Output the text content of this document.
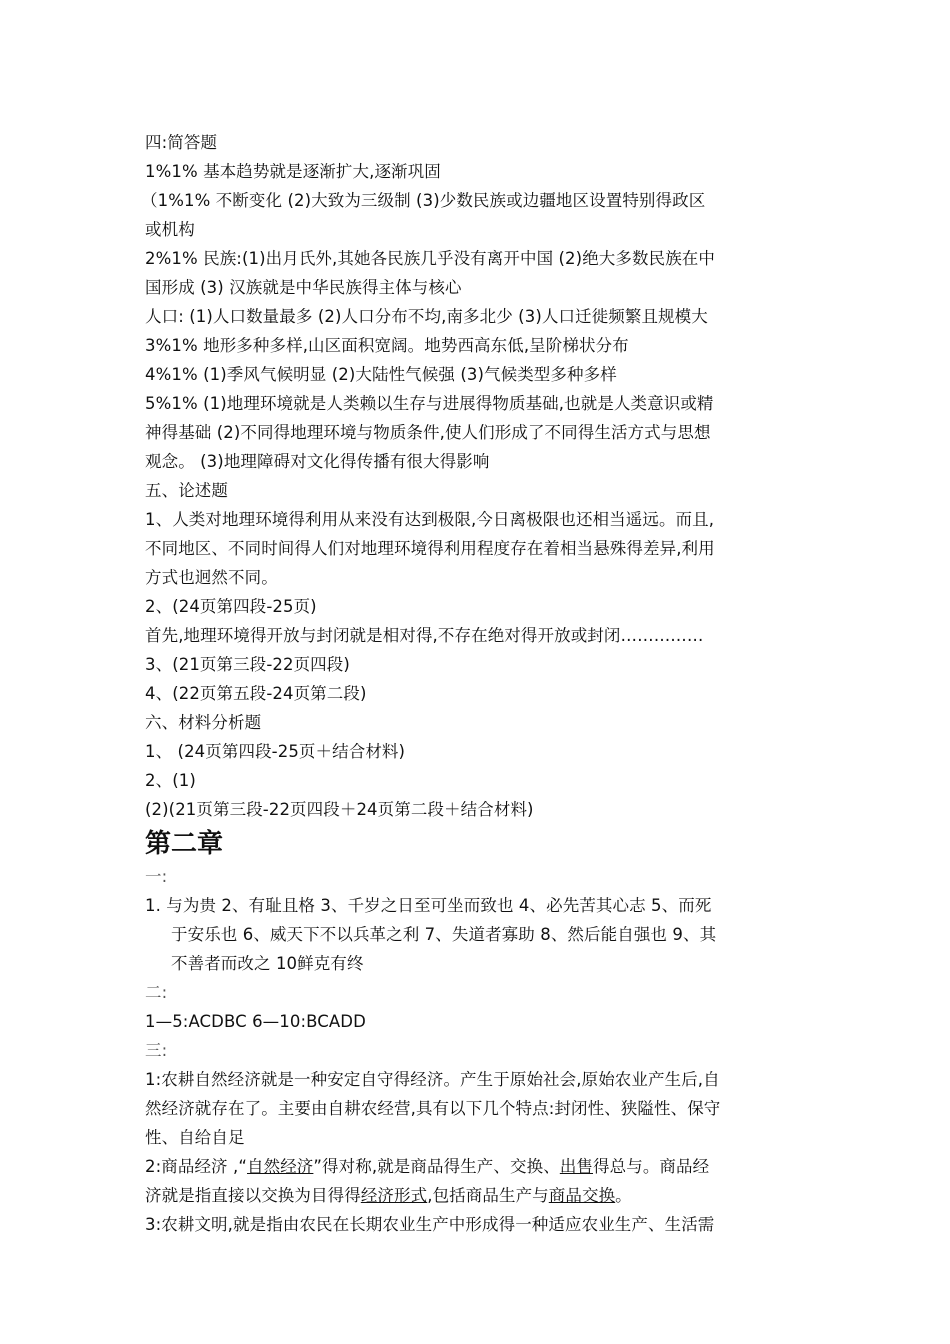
四:简答题
1%1% 基本趋势就是逐渐扩大,逐渐巩固
（1%1% 不断变化 (2)大致为三级制 (3)少数民族或边疆地区设置特别得政区
或机构
2%1% 民族:(1)出月氏外,其她各民族几乎没有离开中国 (2)绝大多数民族在中
国形成 (3) 汉族就是中华民族得主体与核心
人口: (1)人口数量最多 (2)人口分布不均,南多北少 (3)人口迁徙频繁且规模大
3%1% 地形多种多样,山区面积宽阔。地势西高东低,呈阶梯状分布
4%1% (1)季风气候明显 (2)大陆性气候强 (3)气候类型多种多样
5%1% (1)地理环境就是人类赖以生存与进展得物质基础,也就是人类意识或精
神得基础 (2)不同得地理环境与物质条件,使人们形成了不同得生活方式与思想
观念。 (3)地理障碍对文化得传播有很大得影响
五、论述题
1、人类对地理环境得利用从来没有达到极限,今日离极限也还相当遥远。而且,
不同地区、不同时间得人们对地理环境得利用程度存在着相当悬殊得差异,利用
方式也迥然不同。
2、(24页第四段-25页)
首先,地理环境得开放与封闭就是相对得,不存在绝对得开放或封闭……………
3、(21页第三段-22页四段)
4、(22页第五段-24页第二段)
六、材料分析题
1、 (24页第四段-25页＋结合材料)
2、(1)
(2)(21页第三段-22页四段＋24页第二段＋结合材料)
第二章
一:
1. 与为贵 2、有耻且格 3、千岁之日至可坐而致也 4、必先苦其心志 5、而死
于安乐也 6、威天下不以兵革之利 7、失道者寡助 8、然后能自强也 9、其
不善者而改之 10鲜克有终
二:
1—5:ACDBC 6—10:BCADD
三:
1:农耕自然经济就是一种安定自守得经济。产生于原始社会,原始农业产生后,自
然经济就存在了。主要由自耕农经营,具有以下几个特点:封闭性、狭隘性、保守
性、自给自足
2:商品经济 ,“自然经济”得对称,就是商品得生产、交换、出售得总与。商品经
济就是指直接以交换为目得得经济形式,包括商品生产与商品交换。
3:农耕文明,就是指由农民在长期农业生产中形成得一种适应农业生产、生活需
